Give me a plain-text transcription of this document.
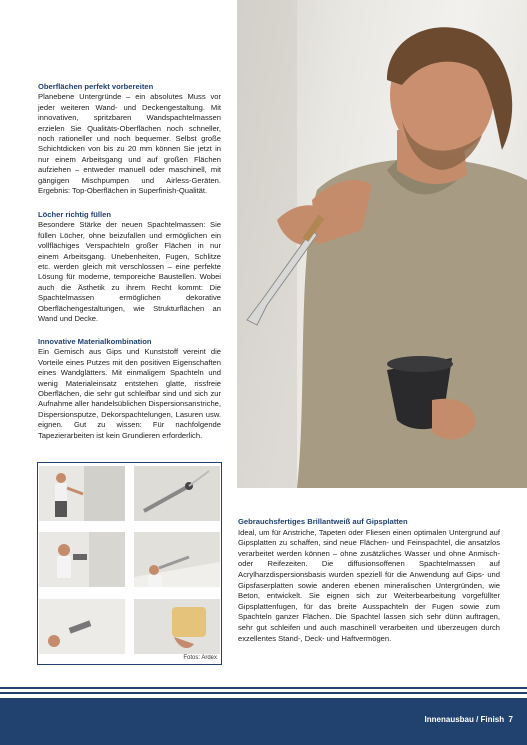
Oberflächen perfekt vorbereiten

Planebene Untergründe – ein absolutes Muss vor jeder weiteren Wand- und Deckengestaltung. Mit innovativen, spritzbaren Wandspachtelmassen erzielen Sie Qualitäts-Oberflächen noch schneller, noch rationeller und noch bequemer. Selbst große Schichtdicken von bis zu 20 mm können Sie jetzt in nur einem Arbeitsgang und auf großen Flächen aufziehen – entweder manuell oder maschinell, mit gängigen Mischpumpen und Airless-Geräten. Ergebnis: Top-Oberflächen in Superfinish-Qualität.

Löcher richtig füllen

Besondere Stärke der neuen Spachtelmassen: Sie füllen Löcher, ohne beizufallen und ermöglichen ein vollflächiges Verspachteln großer Flächen in nur einem Arbeitsgang. Unebenheiten, Fugen, Schlitze etc. werden gleich mit verschlossen – eine perfekte Lösung für moderne, temporeiche Baustellen. Wobei auch die Ästhetik zu ihrem Recht kommt: Die Spachtelmassen ermöglichen dekorative Oberflächengestaltungen, wie Strukturflächen an Wand und Decke.

Innovative Materialkombination

Ein Gemisch aus Gips und Kunststoff vereint die Vorteile eines Putzes mit den positiven Eigenschaften eines Wandglätters. Mit einmaligem Spachteln und wenig Materialeinsatz entstehen glatte, rissfreie Oberflächen, die sehr gut schleifbar sind und sich zur Aufnahme aller handelsüblichen Dispersionsanstriche, Dispersionsputze, Dekorspachtelungen, Lasuren usw. eignen. Gut zu wissen: Für nachfolgende Tapezierarbeiten ist kein Grundieren erforderlich.

Fotos: Ardex
Gebrauchsfertiges Brillantweiß auf Gipsplatten

Ideal, um für Anstriche, Tapeten oder Fliesen einen optimalen Untergrund auf Gipsplatten zu schaffen, sind neue Flächen- und Feinspachtel, die ansatzlos verarbeitet werden können – ohne zusätzliches Wasser und ohne Anmisch- oder Reifezeiten. Die diffusionsoffenen Spachtelmassen auf Acrylharzdispersionsbasis wurden speziell für die Anwendung auf Gips- und Gipsfaserplatten sowie anderen ebenen mineralischen Untergründen, wie Beton, entwickelt. Sie eignen sich zur Weiterbearbeitung vorgefüllter Gipsplattenfugen, für das breite Ausspachteln der Fugen sowie zum Spachteln ganzer Flächen. Die Spachtel lassen sich sehr dünn auftragen, sehr gut schleifen und auch maschinell verarbeiten und überzeugen durch exzellentes Stand-, Deck- und Haftvermögen.

Innenausbau / Finish  7
